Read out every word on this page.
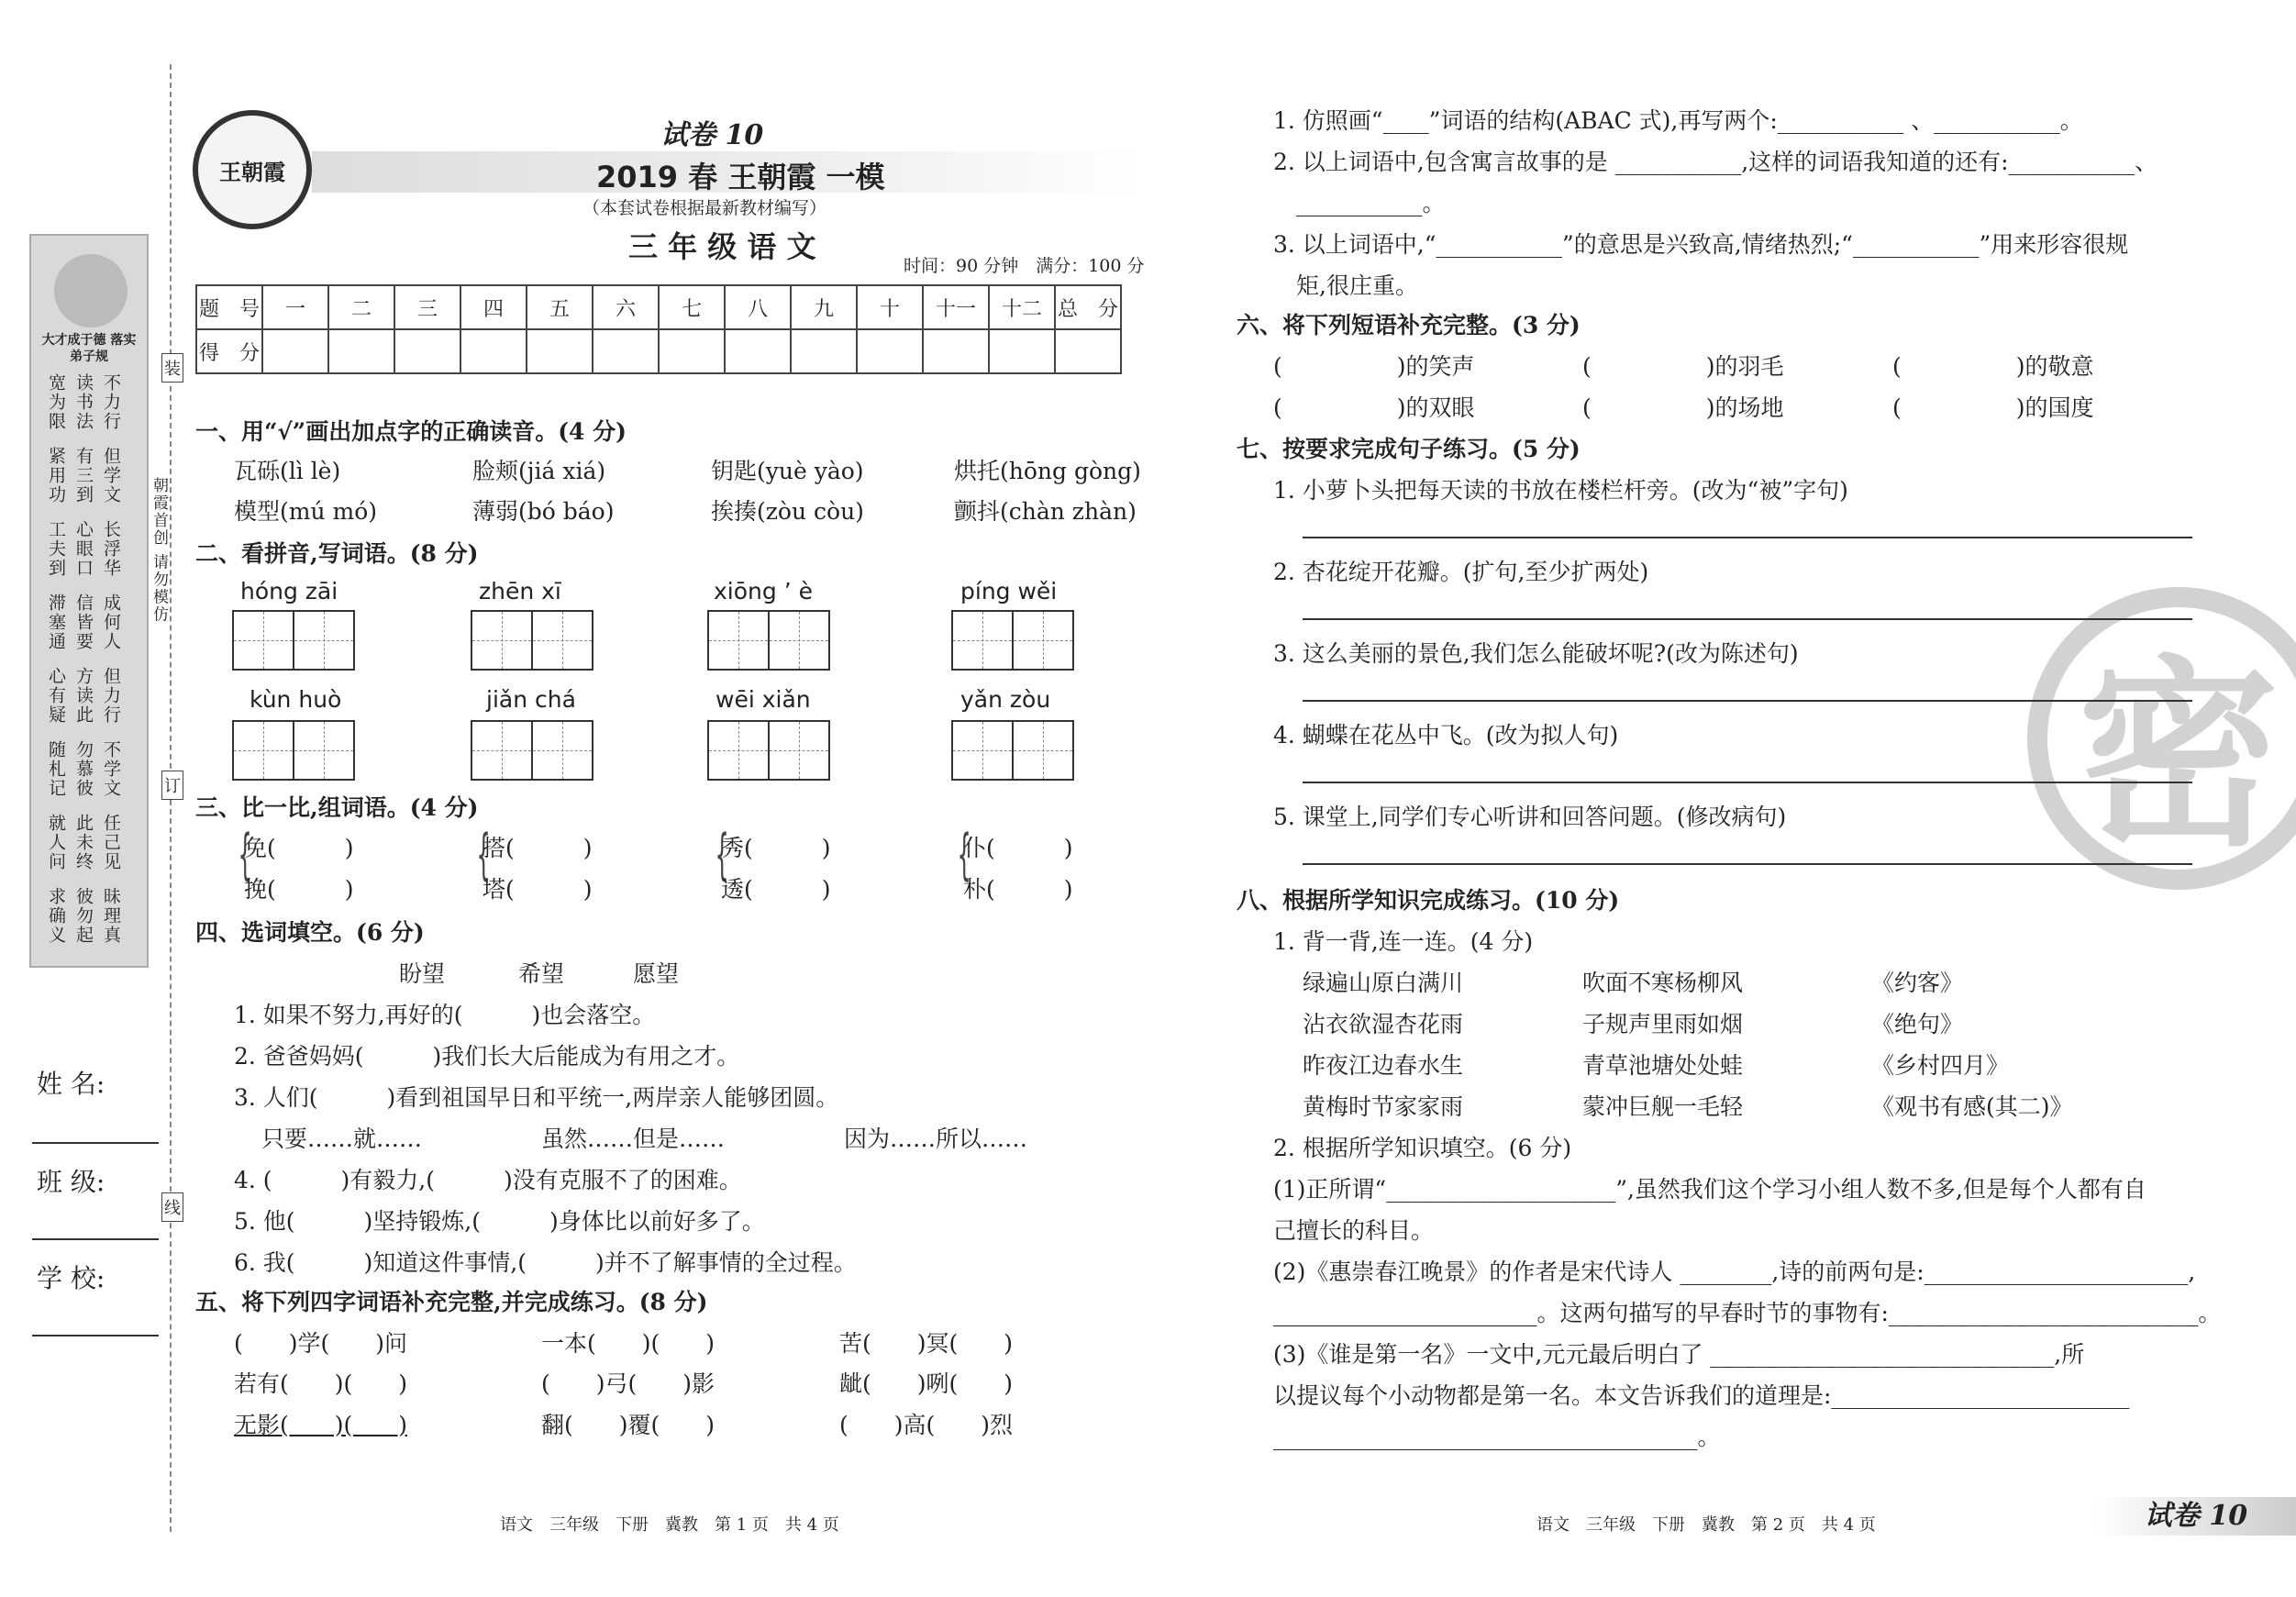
装
订
线
朝霞首创 请勿模仿
大才成于德 落实弟子规
宽为限 读书法 不力行
紧用功 有三到 但学文
工夫到 心眼口 长浮华
滞塞通 信皆要 成何人
心有疑 方读此 但力行
随札记 勿慕彼 不学文
就人问 此未终 任己见
求确义 彼勿起 昧理真
姓 名:
班 级:
学 校:
王朝霞
试卷 10
2019 春 王朝霞 一模
（本套试卷根据最新教材编写）
三 年 级 语 文
时间：90 分钟　满分：100 分
题　号	一	二	三	四	五	六	七	八	九	十	十一	十二	总　分
得　分													
一、用“√”画出加点字的正确读音。(4 分)
瓦砾(lì lè)	脸颊(jiá xiá)	钥匙(yuè yào)	烘托(hōng gòng)
模型(mú mó)	薄弱(bó báo)	挨揍(zòu còu)	颤抖(chàn zhàn)
二、看拼音,写词语。(8 分)
hóng zāi	zhēn xī	xiōng ’ è	píng wěi
kùn huò	jiǎn chá	wēi xiǎn	yǎn zòu
三、比一比,组词语。(4 分)
{
免(　　　)
挽(　　　)
{
搭(　　　)
塔(　　　)
{
秀(　　　)
透(　　　)
{
仆(　　　)
朴(　　　)
四、选词填空。(6 分)
盼望	希望	愿望
1. 如果不努力,再好的(　　　)也会落空。
2. 爸爸妈妈(　　　)我们长大后能成为有用之才。
3. 人们(　　　)看到祖国早日和平统一,两岸亲人能够团圆。
只要……就……	虽然……但是……	因为……所以……
4. (　　　)有毅力,(　　　)没有克服不了的困难。
5. 他(　　　)坚持锻炼,(　　　)身体比以前好多了。
6. 我(　　　)知道这件事情,(　　　)并不了解事情的全过程。
五、将下列四字词语补充完整,并完成练习。(8 分)
(　　)学(　　)问	一本(　　)(　　)	苦(　　)冥(　　)
若有(　　)(　　)	(　　)弓(　　)影	龇(　　)咧(　　)
无影(　　)(　　)	翻(　　)覆(　　)	(　　)高(　　)烈
语文　三年级　下册　冀教　第 1 页　共 4 页
密
1. 仿照画“____”词语的结构(ABAC 式),再写两个:___________ 、___________。
2. 以上词语中,包含寓言故事的是 ___________,这样的词语我知道的还有:___________、
___________。
3. 以上词语中,“___________”的意思是兴致高,情绪热烈;“___________”用来形容很规
矩,很庄重。
六、将下列短语补充完整。(3 分)
(　　　　　)的笑声	(　　　　　)的羽毛	(　　　　　)的敬意
(　　　　　)的双眼	(　　　　　)的场地	(　　　　　)的国度
七、按要求完成句子练习。(5 分)
1. 小萝卜头把每天读的书放在楼栏杆旁。(改为“被”字句)
2. 杏花绽开花瓣。(扩句,至少扩两处)
3. 这么美丽的景色,我们怎么能破坏呢?(改为陈述句)
4. 蝴蝶在花丛中飞。(改为拟人句)
5. 课堂上,同学们专心听讲和回答问题。(修改病句)
八、根据所学知识完成练习。(10 分)
1. 背一背,连一连。(4 分)
绿遍山原白满川	吹面不寒杨柳风	《约客》
沾衣欲湿杏花雨	子规声里雨如烟	《绝句》
昨夜江边春水生	青草池塘处处蛙	《乡村四月》
黄梅时节家家雨	蒙冲巨舰一毛轻	《观书有感(其二)》
2. 根据所学知识填空。(6 分)
(1)正所谓“____________________”,虽然我们这个学习小组人数不多,但是每个人都有自
己擅长的科目。
(2)《惠崇春江晚景》的作者是宋代诗人 ________,诗的前两句是:_______________________,
_______________________。这两句描写的早春时节的事物有:___________________________。
(3)《谁是第一名》一文中,元元最后明白了 ______________________________,所
以提议每个小动物都是第一名。本文告诉我们的道理是:__________________________
_____________________________________。
语文　三年级　下册　冀教　第 2 页　共 4 页	试卷 10
